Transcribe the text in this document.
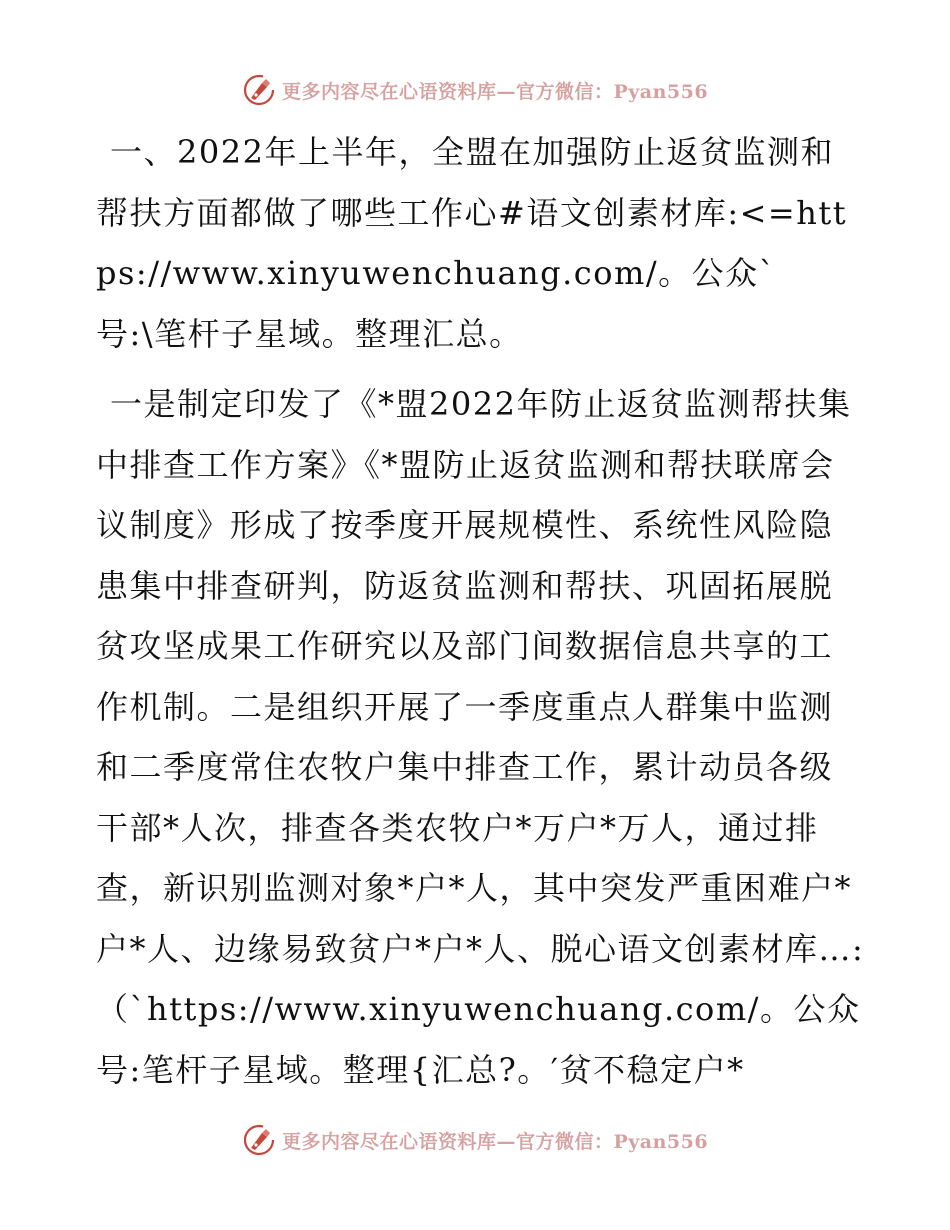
更多内容尽在心语资料库—官方微信：Pyan556

一、2022年上半年，全盟在加强防止返贫监测和帮扶方面都做了哪些工作心#语文创素材库:<=https://www.xinyuwenchuang.com/。公众`号:\笔杆子星域。整理汇总。

一是制定印发了《*盟2022年防止返贫监测帮扶集中排查工作方案》《*盟防止返贫监测和帮扶联席会议制度》形成了按季度开展规模性、系统性风险隐患集中排查研判，防返贫监测和帮扶、巩固拓展脱贫攻坚成果工作研究以及部门间数据信息共享的工作机制。二是组织开展了一季度重点人群集中监测和二季度常住农牧户集中排查工作，累计动员各级干部*人次，排查各类农牧户*万户*万人，通过排查，新识别监测对象*户*人，其中突发严重困难户*户*人、边缘易致贫户*户*人、脱心语文创素材库…:（`https://www.xinyuwenchuang.com/。公众号:笔杆子星域。整理{汇总?。′贫不稳定户*

更多内容尽在心语资料库—官方微信：Pyan556
